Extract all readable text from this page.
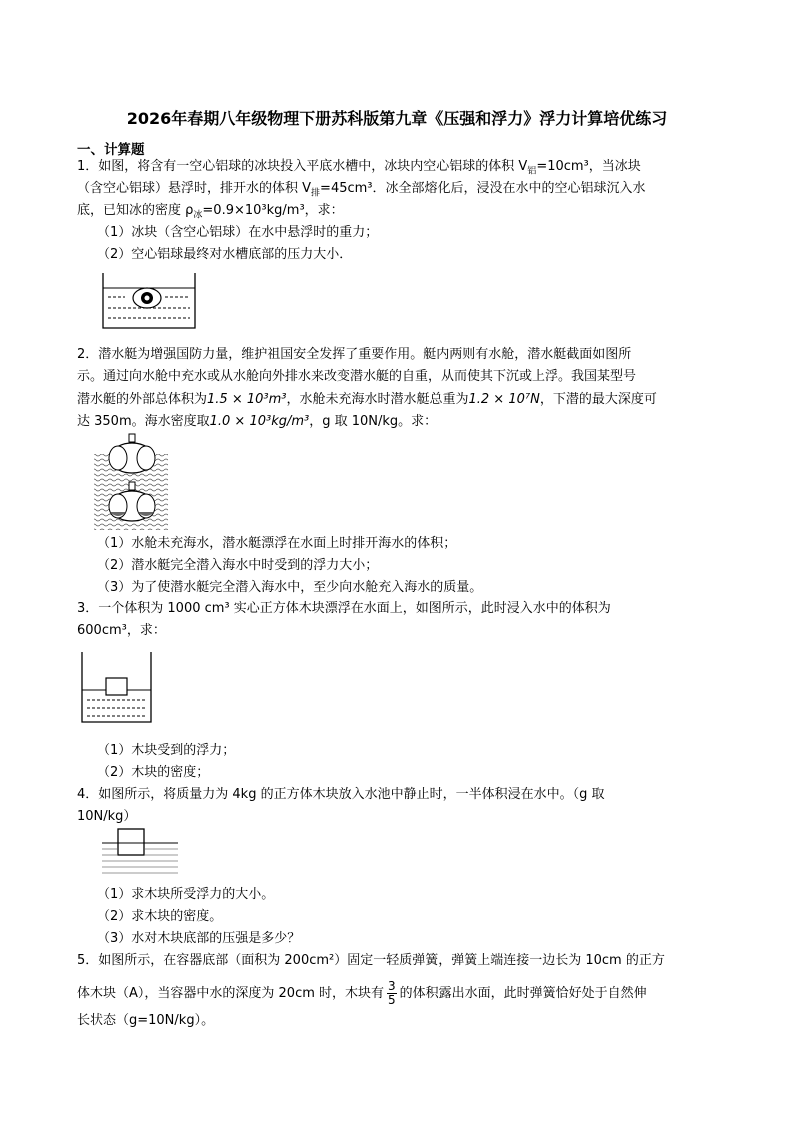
2026年春期八年级物理下册苏科版第九章《压强和浮力》浮力计算培优练习
一、计算题
1．如图，将含有一空心铝球的冰块投入平底水槽中，冰块内空心铝球的体积 $V_铝=10cm^3$，当冰块
（含空心铝球）悬浮时，排开水的体积 $V_排=45cm^3$．冰全部熔化后，浸没在水中的空心铝球沉入水
底，已知冰的密度 $\rho_冰=0.9\times 10^3kg/m^3$，求：
（1）冰块（含空心铝球）在水中悬浮时的重力；
（2）空心铝球最终对水槽底部的压力大小．
2．潜水艇为增强国防力量，维护祖国安全发挥了重要作用。艇内两则有水舱，潜水艇截面如图所
示。通过向水舱中充水或从水舱向外排水来改变潜水艇的自重，从而使其下沉或上浮。我国某型号
潜水艇的外部总体积为1.5 × 10³m³，水舱未充海水时潜水艇总重为1.2 × 10⁷N，下潜的最大深度可
达 350m。海水密度取1.0 × 10³kg/m³，g 取 10N/kg。求：
（1）水舱未充海水，潜水艇漂浮在水面上时排开海水的体积；
（2）潜水艇完全潜入海水中时受到的浮力大小；
（3）为了使潜水艇完全潜入海水中，至少向水舱充入海水的质量。
3．一个体积为 1000 cm³ 实心正方体木块漂浮在水面上，如图所示，此时浸入水中的体积为
600cm³，求：
（1）木块受到的浮力；
（2）木块的密度；
4．如图所示，将质量力为 4kg 的正方体木块放入水池中静止时，一半体积浸在水中。（g 取
10N/kg）
（1）求木块所受浮力的大小。
（2）求木块的密度。
（3）水对木块底部的压强是多少？
5．如图所示，在容器底部（面积为 200cm²）固定一轻质弹簧，弹簧上端连接一边长为 10cm 的正方
体木块（A），当容器中水的深度为 20cm 时，木块有 $\frac{3}{5}$ 的体积露出水面，此时弹簧恰好处于自然伸
长状态（g=10N/kg）。
